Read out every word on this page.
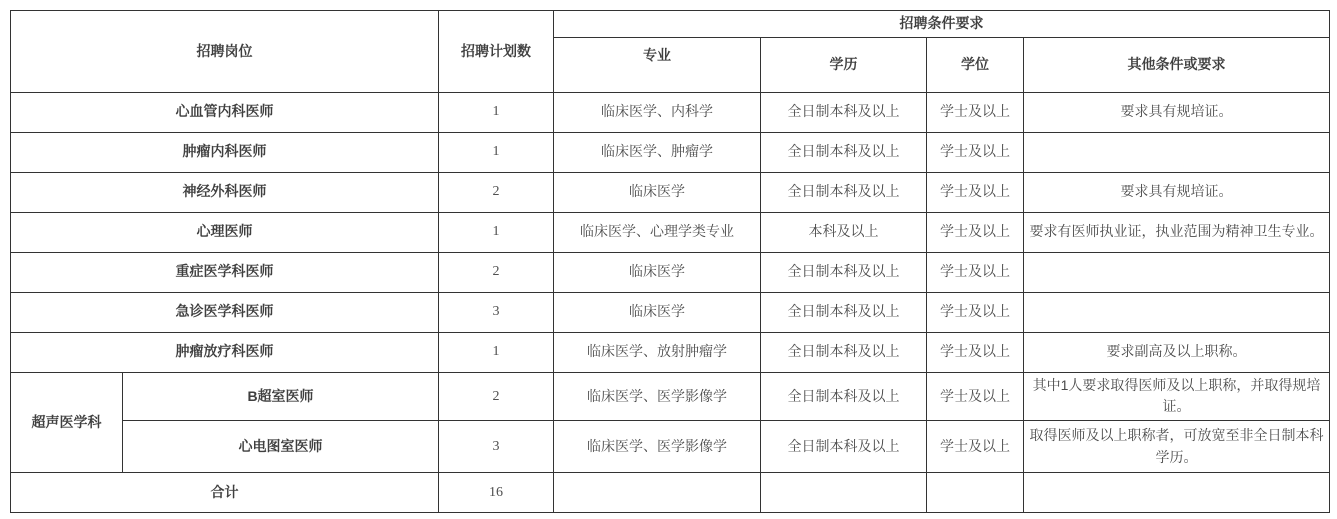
招聘岗位		招聘计划数	招聘条件要求			
			专业	学历	学位	其他条件或要求
心血管内科医师		1	临床医学、内科学	全日制本科及以上	学士及以上	要求具有规培证。
肿瘤内科医师		1	临床医学、肿瘤学	全日制本科及以上	学士及以上	
神经外科医师		2	临床医学	全日制本科及以上	学士及以上	要求具有规培证。
心理医师		1	临床医学、心理学类专业	本科及以上	学士及以上	要求有医师执业证，执业范围为精神卫生专业。
重症医学科医师		2	临床医学	全日制本科及以上	学士及以上	
急诊医学科医师		3	临床医学	全日制本科及以上	学士及以上	
肿瘤放疗科医师		1	临床医学、放射肿瘤学	全日制本科及以上	学士及以上	要求副高及以上职称。
超声医学科	B超室医师	2	临床医学、医学影像学	全日制本科及以上	学士及以上	其中1人要求取得医师及以上职称，并取得规培证。
	心电图室医师	3	临床医学、医学影像学	全日制本科及以上	学士及以上	取得医师及以上职称者，可放宽至非全日制本科学历。
合计		16				
